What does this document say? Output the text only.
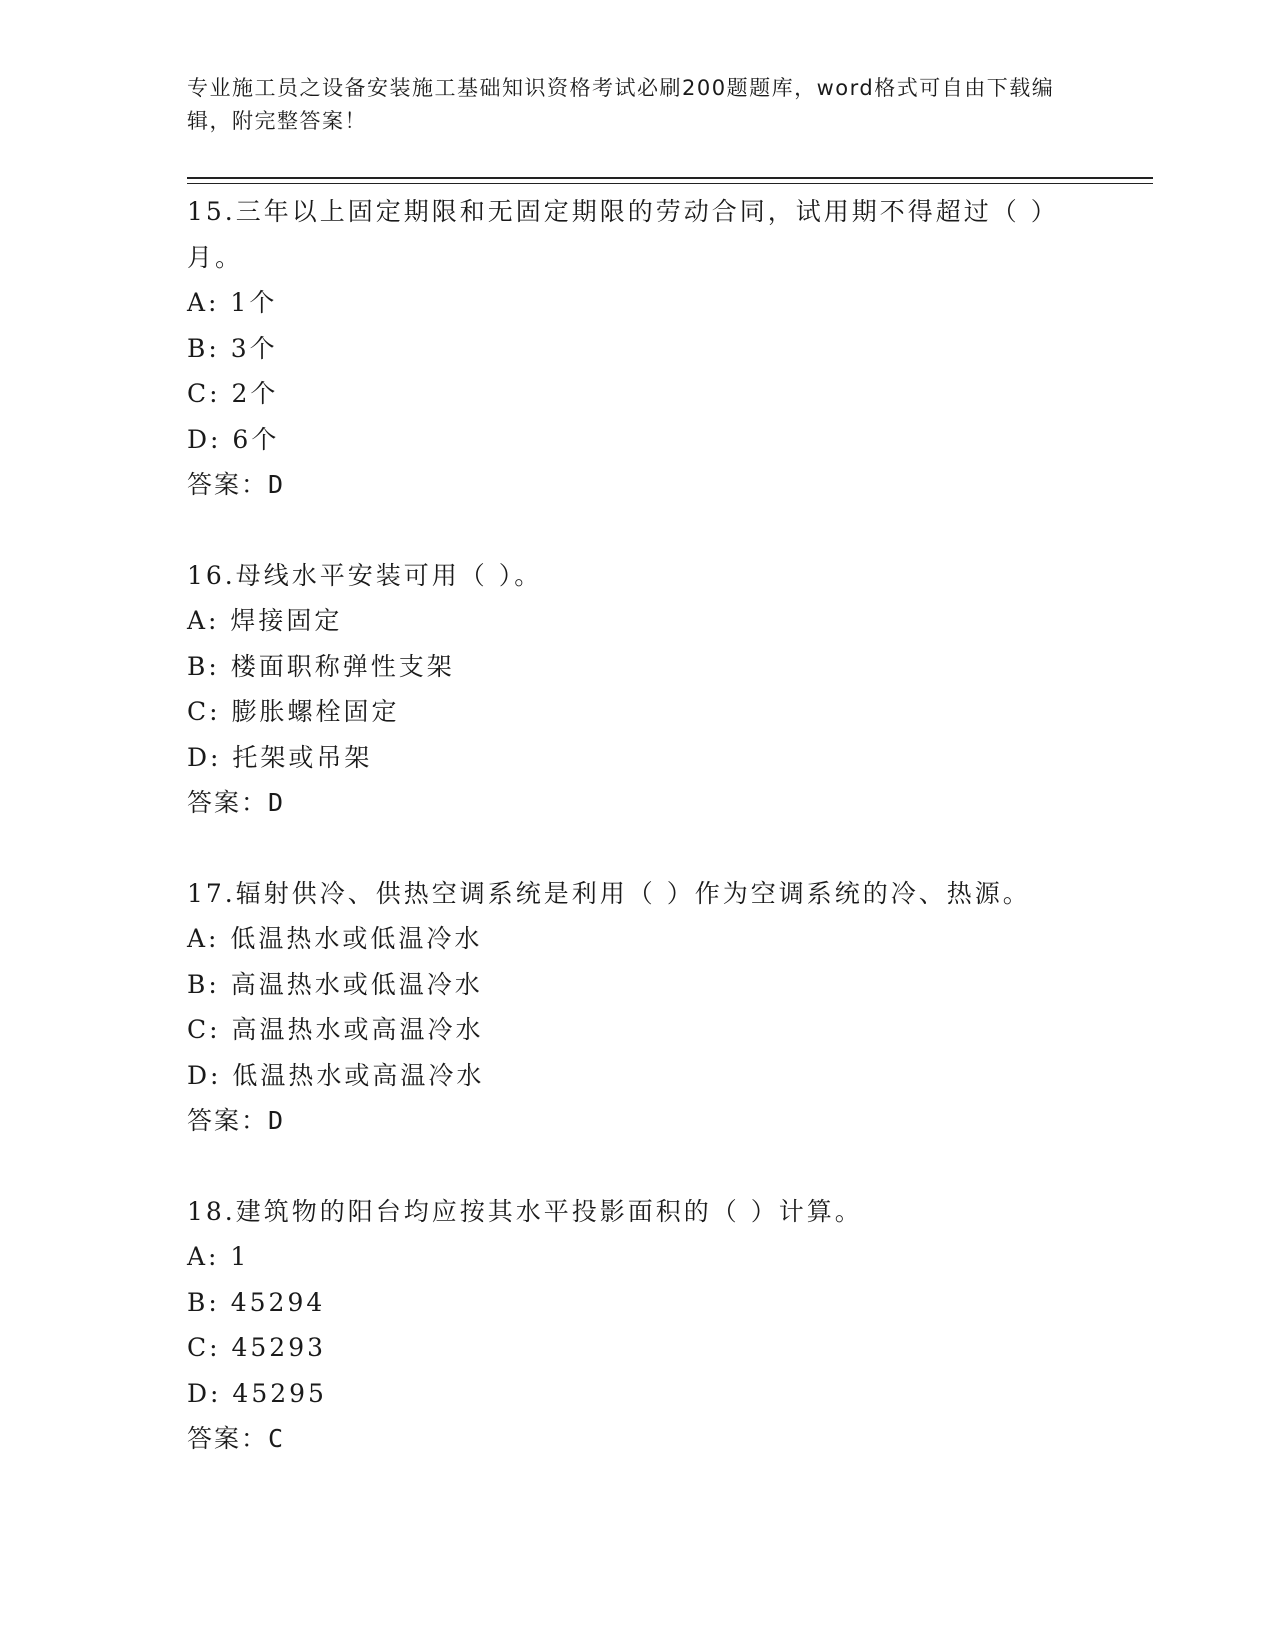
专业施工员之设备安装施工基础知识资格考试必刷200题题库，word格式可自由下载编辑，附完整答案！
15.三年以上固定期限和无固定期限的劳动合同，试用期不得超过（ ）月。
A: 1个
B: 3个
C: 2个
D: 6个
答案：D
16.母线水平安装可用（ ）。
A: 焊接固定
B: 楼面职称弹性支架
C: 膨胀螺栓固定
D: 托架或吊架
答案：D
17.辐射供冷、供热空调系统是利用（ ）作为空调系统的冷、热源。
A: 低温热水或低温冷水
B: 高温热水或低温冷水
C: 高温热水或高温冷水
D: 低温热水或高温冷水
答案：D
18.建筑物的阳台均应按其水平投影面积的（ ）计算。
A: 1
B: 45294
C: 45293
D: 45295
答案：C
